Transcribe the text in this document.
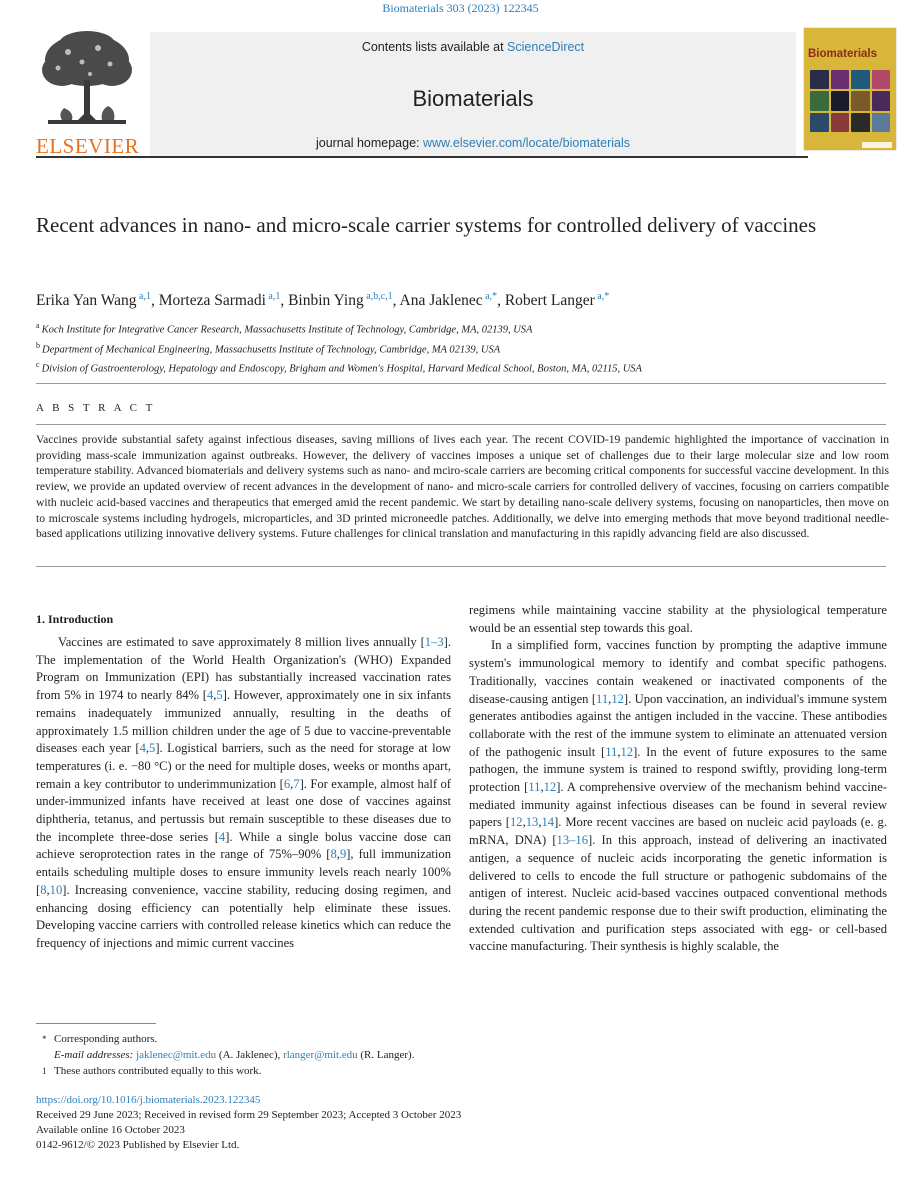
Biomaterials 303 (2023) 122345
ELSEVIER
Contents lists available at ScienceDirect
Biomaterials
journal homepage: www.elsevier.com/locate/biomaterials
Biomaterials
Recent advances in nano- and micro-scale carrier systems for controlled delivery of vaccines
Erika Yan Wang $^{a,1}$, Morteza Sarmadi $^{a,1}$, Binbin Ying $^{a,b,c,1}$, Ana Jaklenec $^{a,*}$, Robert Langer $^{a,*}$
$^a$ Koch Institute for Integrative Cancer Research, Massachusetts Institute of Technology, Cambridge, MA, 02139, USA
$^b$ Department of Mechanical Engineering, Massachusetts Institute of Technology, Cambridge, MA 02139, USA
$^c$ Division of Gastroenterology, Hepatology and Endoscopy, Brigham and Women's Hospital, Harvard Medical School, Boston, MA, 02115, USA
A B S T R A C T
Vaccines provide substantial safety against infectious diseases, saving millions of lives each year. The recent COVID-19 pandemic highlighted the importance of vaccination in providing mass-scale immunization against outbreaks. However, the delivery of vaccines imposes a unique set of challenges due to their large molecular size and low room temperature stability. Advanced biomaterials and delivery systems such as nano- and mciro-scale carriers are becoming critical components for successful vaccine development. In this review, we provide an updated overview of recent advances in the development of nano- and micro-scale carriers for controlled delivery of vaccines, focusing on carriers compatible with nucleic acid-based vaccines and therapeutics that emerged amid the recent pandemic. We start by detailing nano-scale delivery systems, focusing on nanoparticles, then move on to microscale systems including hydrogels, microparticles, and 3D printed microneedle patches. Additionally, we delve into emerging methods that move beyond traditional needle-based applications utilizing innovative delivery systems. Future challenges for clinical translation and manufacturing in this rapidly advancing field are also discussed.
1. Introduction

Vaccines are estimated to save approximately 8 million lives annually [1–3]. The implementation of the World Health Organization's (WHO) Expanded Program on Immunization (EPI) has substantially increased vaccination rates from 5% in 1974 to nearly 84% [4,5]. However, approximately one in six infants remains inadequately immunized annually, resulting in the deaths of approximately 1.5 million children under the age of 5 due to vaccine-preventable diseases each year [4,5]. Logistical barriers, such as the need for storage at low temperatures (i. e. −80 °C) or the need for multiple doses, weeks or months apart, remain a key contributor to underimmunization [6,7]. For example, almost half of under-immunized infants have received at least one dose of vaccines against diphtheria, tetanus, and pertussis but remain susceptible to these diseases due to the incomplete three-dose series [4]. While a single bolus vaccine dose can achieve seroprotection rates in the range of 75%–90% [8,9], full immunization entails scheduling multiple doses to ensure immunity levels reach nearly 100% [8,10]. Increasing convenience, vaccine stability, reducing dosing regimen, and enhancing dosing efficiency can potentially help eliminate these issues. Developing vaccine carriers with controlled release kinetics which can reduce the frequency of injections and mimic current vaccines

regimens while maintaining vaccine stability at the physiological temperature would be an essential step towards this goal.

In a simplified form, vaccines function by prompting the adaptive immune system's immunological memory to identify and combat specific pathogens. Traditionally, vaccines contain weakened or inactivated components of the disease-causing antigen [11,12]. Upon vaccination, an individual's immune system generates antibodies against the antigen included in the vaccine. These antibodies collaborate with the rest of the immune system to eliminate an attenuated version of the pathogenic insult [11,12]. In the event of future exposures to the same pathogen, the immune system is trained to respond swiftly, providing long-term protection [11,12]. A comprehensive overview of the mechanism behind vaccine-mediated immunity against infectious diseases can be found in several review papers [12,13,14]. More recent vaccines are based on nucleic acid payloads (e. g. mRNA, DNA) [13–16]. In this approach, instead of delivering an inactivated antigen, a sequence of nucleic acids incorporating the genetic information is delivered to cells to encode the full structure or pathogenic subdomains of the antigen of interest. Nucleic acid-based vaccines outpaced conventional methods during the recent pandemic response due to their swift production, eliminating the extended cultivation and purification steps associated with egg- or cell-based vaccine manufacturing. Their synthesis is highly scalable, the

* Corresponding authors.
E-mail addresses: jaklenec@mit.edu (A. Jaklenec), rlanger@mit.edu (R. Langer).
1 These authors contributed equally to this work.
https://doi.org/10.1016/j.biomaterials.2023.122345
Received 29 June 2023; Received in revised form 29 September 2023; Accepted 3 October 2023
Available online 16 October 2023
0142-9612/© 2023 Published by Elsevier Ltd.
